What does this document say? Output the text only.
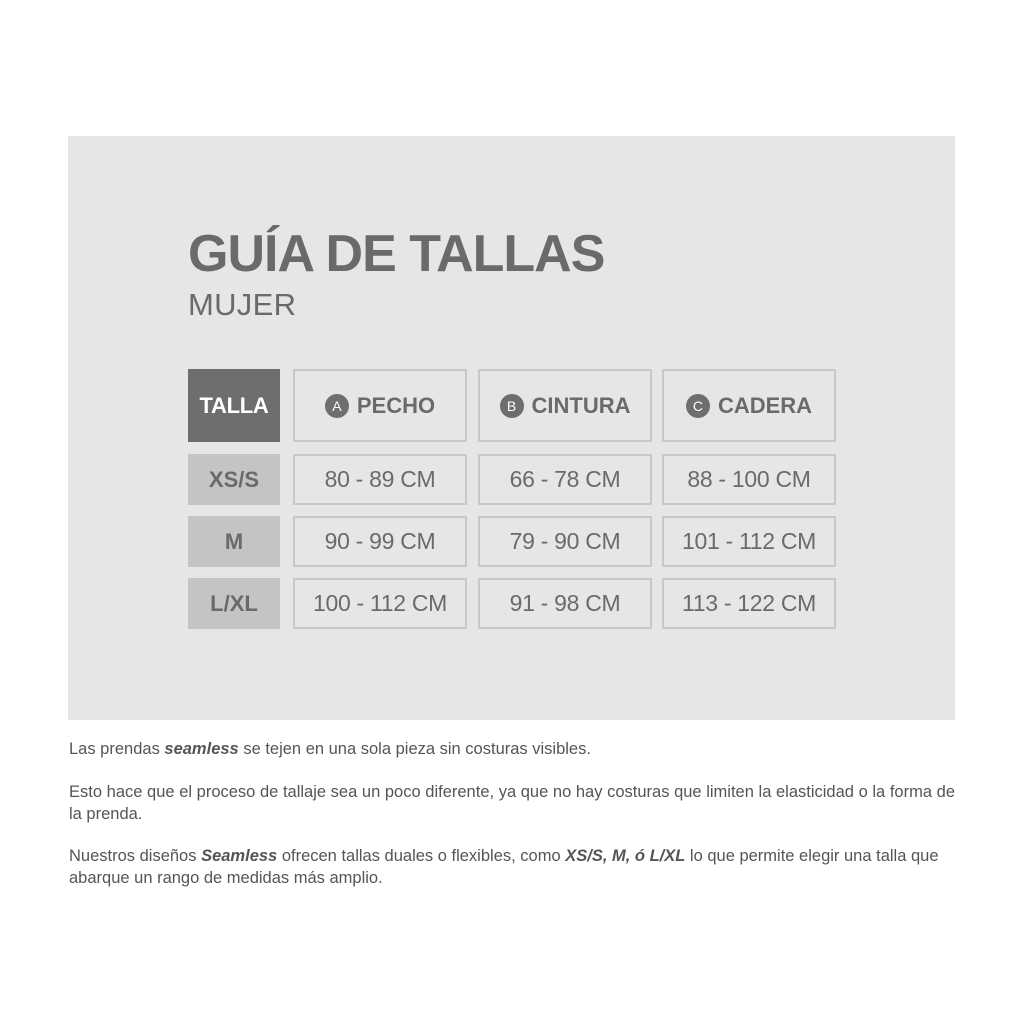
GUÍA DE TALLAS
MUJER
TALLA	A PECHO	B CINTURA	C CADERA
XS/S	80 - 89 CM	66 - 78 CM	88 - 100 CM
M	90 - 99 CM	79 - 90 CM	101 - 112 CM
L/XL	100 - 112 CM	91 - 98 CM	113 - 122 CM

Las prendas seamless se tejen en una sola pieza sin costuras visibles.

Esto hace que el proceso de tallaje sea un poco diferente, ya que no hay costuras que limiten la elasticidad o la forma de la prenda.

Nuestros diseños Seamless ofrecen tallas duales o flexibles, como XS/S, M, ó L/XL lo que permite elegir una talla que abarque un rango de medidas más amplio.
